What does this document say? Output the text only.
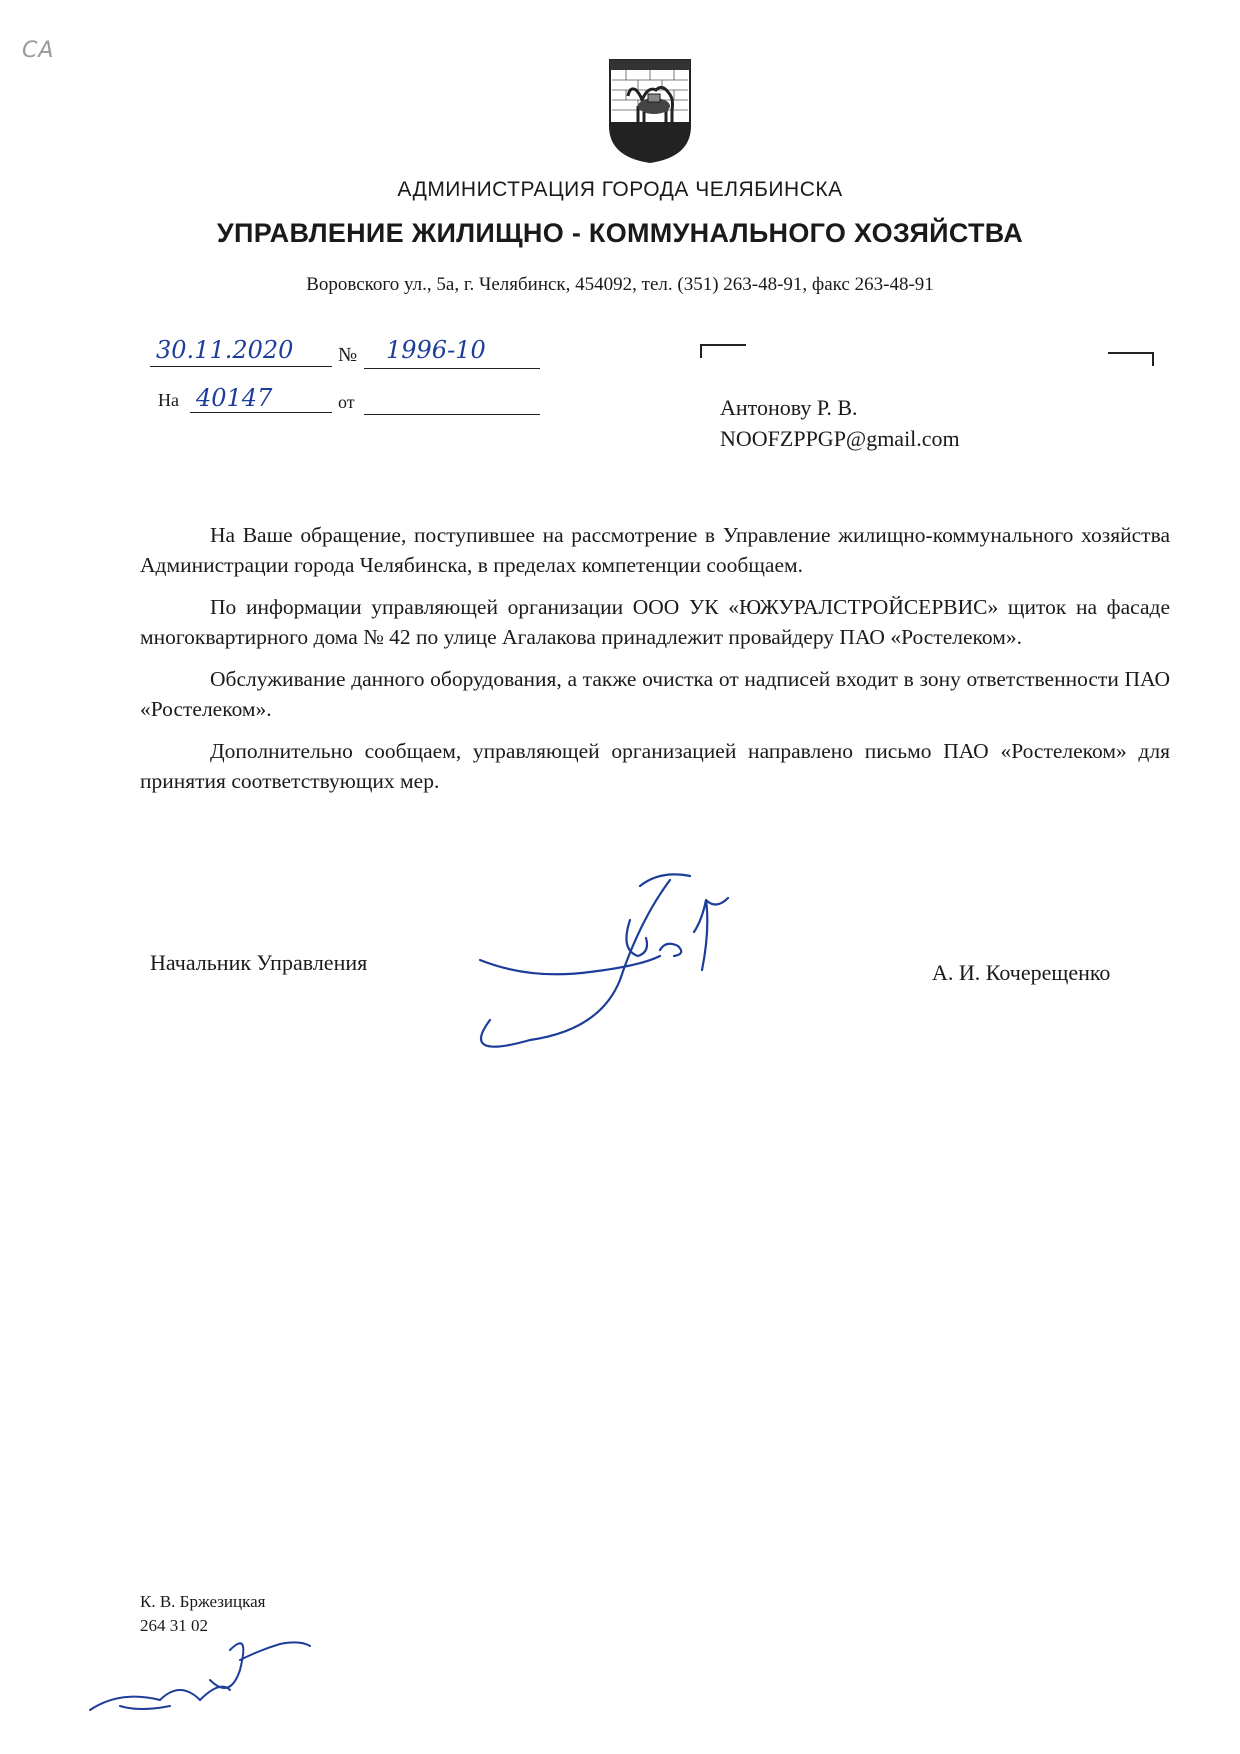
СА
АДМИНИСТРАЦИЯ ГОРОДА ЧЕЛЯБИНСКА
УПРАВЛЕНИЕ ЖИЛИЩНО - КОММУНАЛЬНОГО ХОЗЯЙСТВА
Воровского ул., 5а, г. Челябинск, 454092, тел. (351) 263-48-91, факс 263-48-91
30.11.2020 № 1996-10
На 40147	от	Антонову Р. В.
NOOFZPPGP@gmail.com

На Ваше обращение, поступившее на рассмотрение в Управление жилищно-коммунального хозяйства Администрации города Челябинска, в пределах компетенции сообщаем.

По информации управляющей организации ООО УК «ЮЖУРАЛСТРОЙСЕРВИС» щиток на фасаде многоквартирного дома № 42 по улице Агалакова принадлежит провайдеру ПАО «Ростелеком».

Обслуживание данного оборудования, а также очистка от надписей входит в зону ответственности ПАО «Ростелеком».

Дополнительно сообщаем, управляющей организацией направлено письмо ПАО «Ростелеком» для принятия соответствующих мер.

Начальник Управления	А. И. Кочерещенко
К. В. Бржезицкая
264 31 02
